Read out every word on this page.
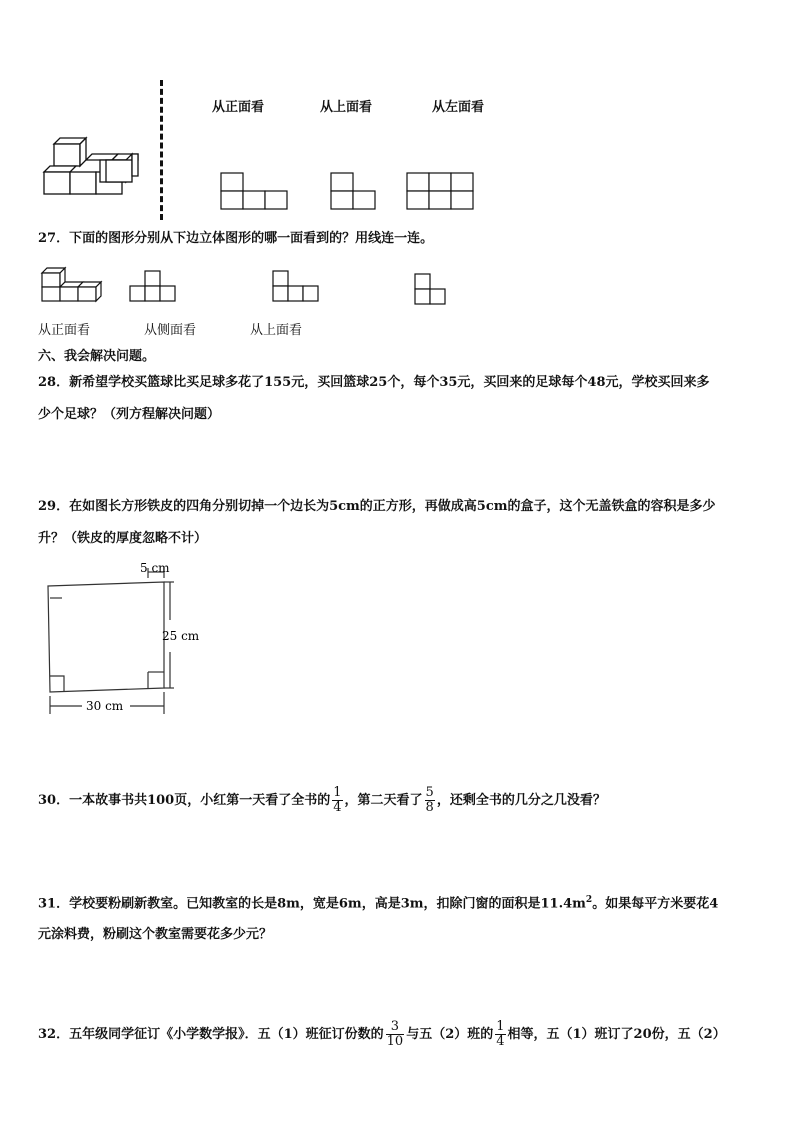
从正面看	从上面看	从左面看
27．下面的图形分别从下边立体图形的哪一面看到的？用线连一连。
从正面看	从侧面看	从上面看
六、我会解决问题。
28．新希望学校买篮球比买足球多花了155元，买回篮球25个，每个35元，买回来的足球每个48元，学校买回来多
少个足球？（列方程解决问题）
29．在如图长方形铁皮的四角分别切掉一个边长为5cm的正方形，再做成高5cm的盒子，这个无盖铁盒的容积是多少
升？（铁皮的厚度忽略不计）
5 cm
25 cm
30 cm
30．一本故事书共100页，小红第一天看了全书的 $\frac{1}{4}$ ，第二天看了 $\frac{5}{8}$ ，还剩全书的几分之几没看？
31．学校要粉刷新教室。已知教室的长是8m，宽是6m，高是3m，扣除门窗的面积是$11.4m^2$。如果每平方米要花4
元涂料费，粉刷这个教室需要花多少元？
32．五年级同学征订《小学数学报》．五（1）班征订份数的 $\frac{3}{10}$ 与五（2）班的 $\frac{1}{4}$ 相等，五（1）班订了20份，五（2）
